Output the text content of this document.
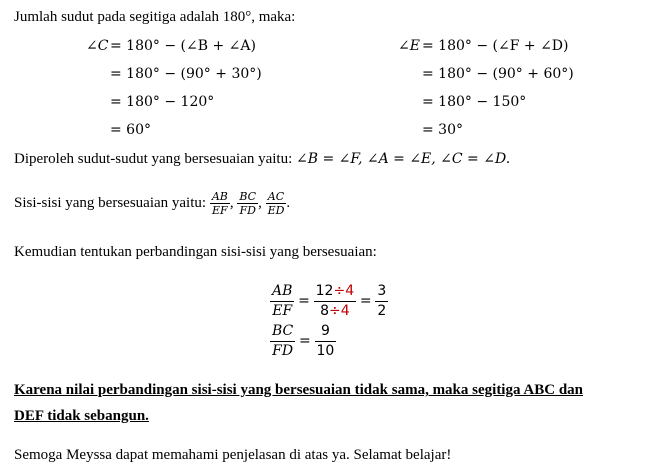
Jumlah sudut pada segitiga adalah 180°, maka:
∠C = 180° − (∠B + ∠A)
= 180° − (90° + 30°)
= 180° − 120°
= 60°
∠E = 180° − (∠F + ∠D)
= 180° − (90° + 60°)
= 180° − 150°
= 30°
Diperoleh sudut-sudut yang bersesuaian yaitu: ∠B = ∠F, ∠A = ∠E, ∠C = ∠D.
Sisi-sisi yang bersesuaian yaitu: $\frac{AB}{EF}$ , $\frac{BC}{FD}$ , $\frac{AC}{ED}$ .
Kemudian tentukan perbandingan sisi-sisi yang bersesuaian:
$\frac{AB}{EF} = \frac{12\div 4}{8\div 4} = \frac{3}{2}$
$\frac{BC}{FD} = \frac{9}{10}$
Karena nilai perbandingan sisi-sisi yang bersesuaian tidak sama, maka segitiga ABC dan
DEF tidak sebangun.
Semoga Meyssa dapat memahami penjelasan di atas ya. Selamat belajar!
